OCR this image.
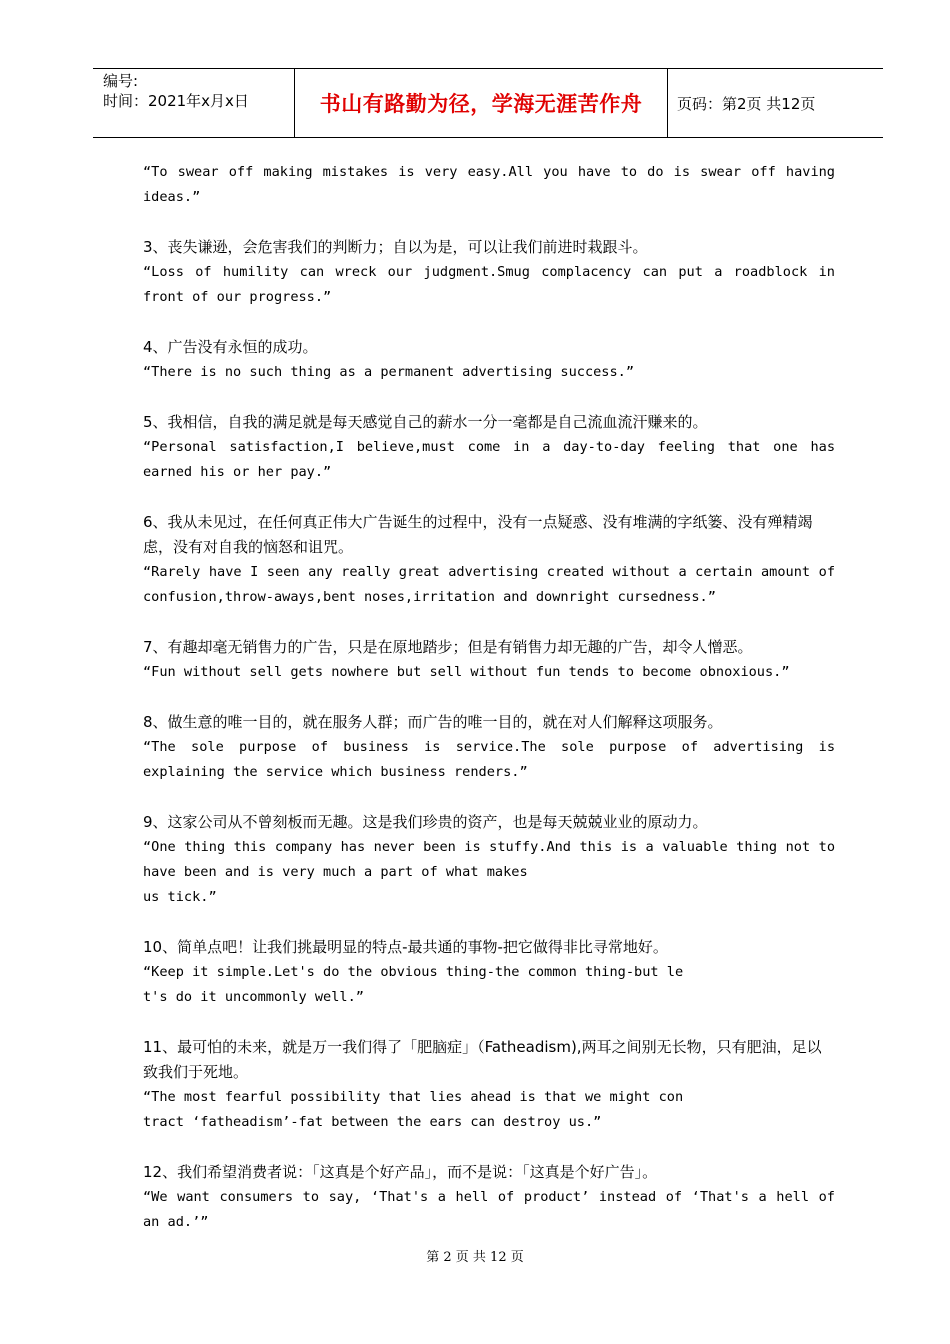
编号:
时间：2021年x月x日	书山有路勤为径，学海无涯苦作舟	页码：第2页 共12页
“To swear off making mistakes is very easy.All you have to do is swear off having ideas.”
3、丧失谦逊，会危害我们的判断力；自以为是，可以让我们前进时栽跟斗。
“Loss of humility can wreck our judgment.Smug complacency can put a roadblock in front of our progress.”
4、广告没有永恒的成功。
“There is no such thing as a permanent advertising success.”
5、我相信，自我的满足就是每天感觉自己的薪水一分一毫都是自己流血流汗赚来的。
“Personal satisfaction,I believe,must come in a day-to-day feeling that one has earned his or her pay.”
6、我从未见过，在任何真正伟大广告诞生的过程中，没有一点疑惑、没有堆满的字纸篓、没有殚精竭虑，没有对自我的恼怒和诅咒。
“Rarely have I seen any really great advertising created without a certain amount of confusion,throw-aways,bent noses,irritation and downright cursedness.”
7、有趣却毫无销售力的广告，只是在原地踏步；但是有销售力却无趣的广告，却令人憎恶。
“Fun without sell gets nowhere but sell without fun tends to become obnoxious.”
8、做生意的唯一目的，就在服务人群；而广告的唯一目的，就在对人们解释这项服务。
“The sole purpose of business is service.The sole purpose of advertising is explaining the service which business renders.”
9、这家公司从不曾刻板而无趣。这是我们珍贵的资产，也是每天兢兢业业的原动力。
“One thing this company has never been is stuffy.And this is a valuable thing not to have been and is very much a part of what makes
us tick.”
10、简单点吧！让我们挑最明显的特点-最共通的事物-把它做得非比寻常地好。
“Keep it simple.Let's do the obvious thing-the common thing-but le
t's do it uncommonly well.”
11、最可怕的未来，就是万一我们得了「肥脑症」（Fatheadism),两耳之间别无长物，只有肥油，足以致我们于死地。
“The most fearful possibility that lies ahead is that we might con
tract ‘fatheadism’-fat between the ears can destroy us.”
12、我们希望消费者说：「这真是个好产品」，而不是说：「这真是个好广告」。
“We want consumers to say, ‘That's a hell of product’ instead of ‘That's a hell of an ad.’”
第 2 页 共 12 页
